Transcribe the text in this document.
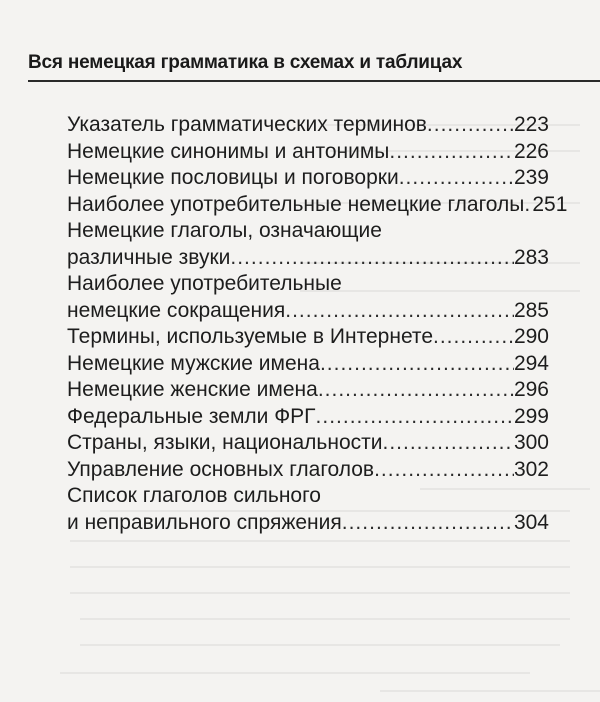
Вся немецкая грамматика в схемах и таблицах
Указатель грамматических терминов .....	223
Немецкие синонимы и антонимы .....	226
Немецкие пословицы и поговорки .....	239
Наиболее употребительные немецкие глаголы ..... 251
Немецкие глаголы, означающие
различные звуки .....	283
Наиболее употребительные
немецкие сокращения .....	285
Термины, используемые в Интернете .....	290
Немецкие мужские имена .....	294
Немецкие женские имена .....	296
Федеральные земли ФРГ .....	299
Страны, языки, национальности .....	300
Управление основных глаголов .....	302
Список глаголов сильного
и неправильного спряжения .....	304
